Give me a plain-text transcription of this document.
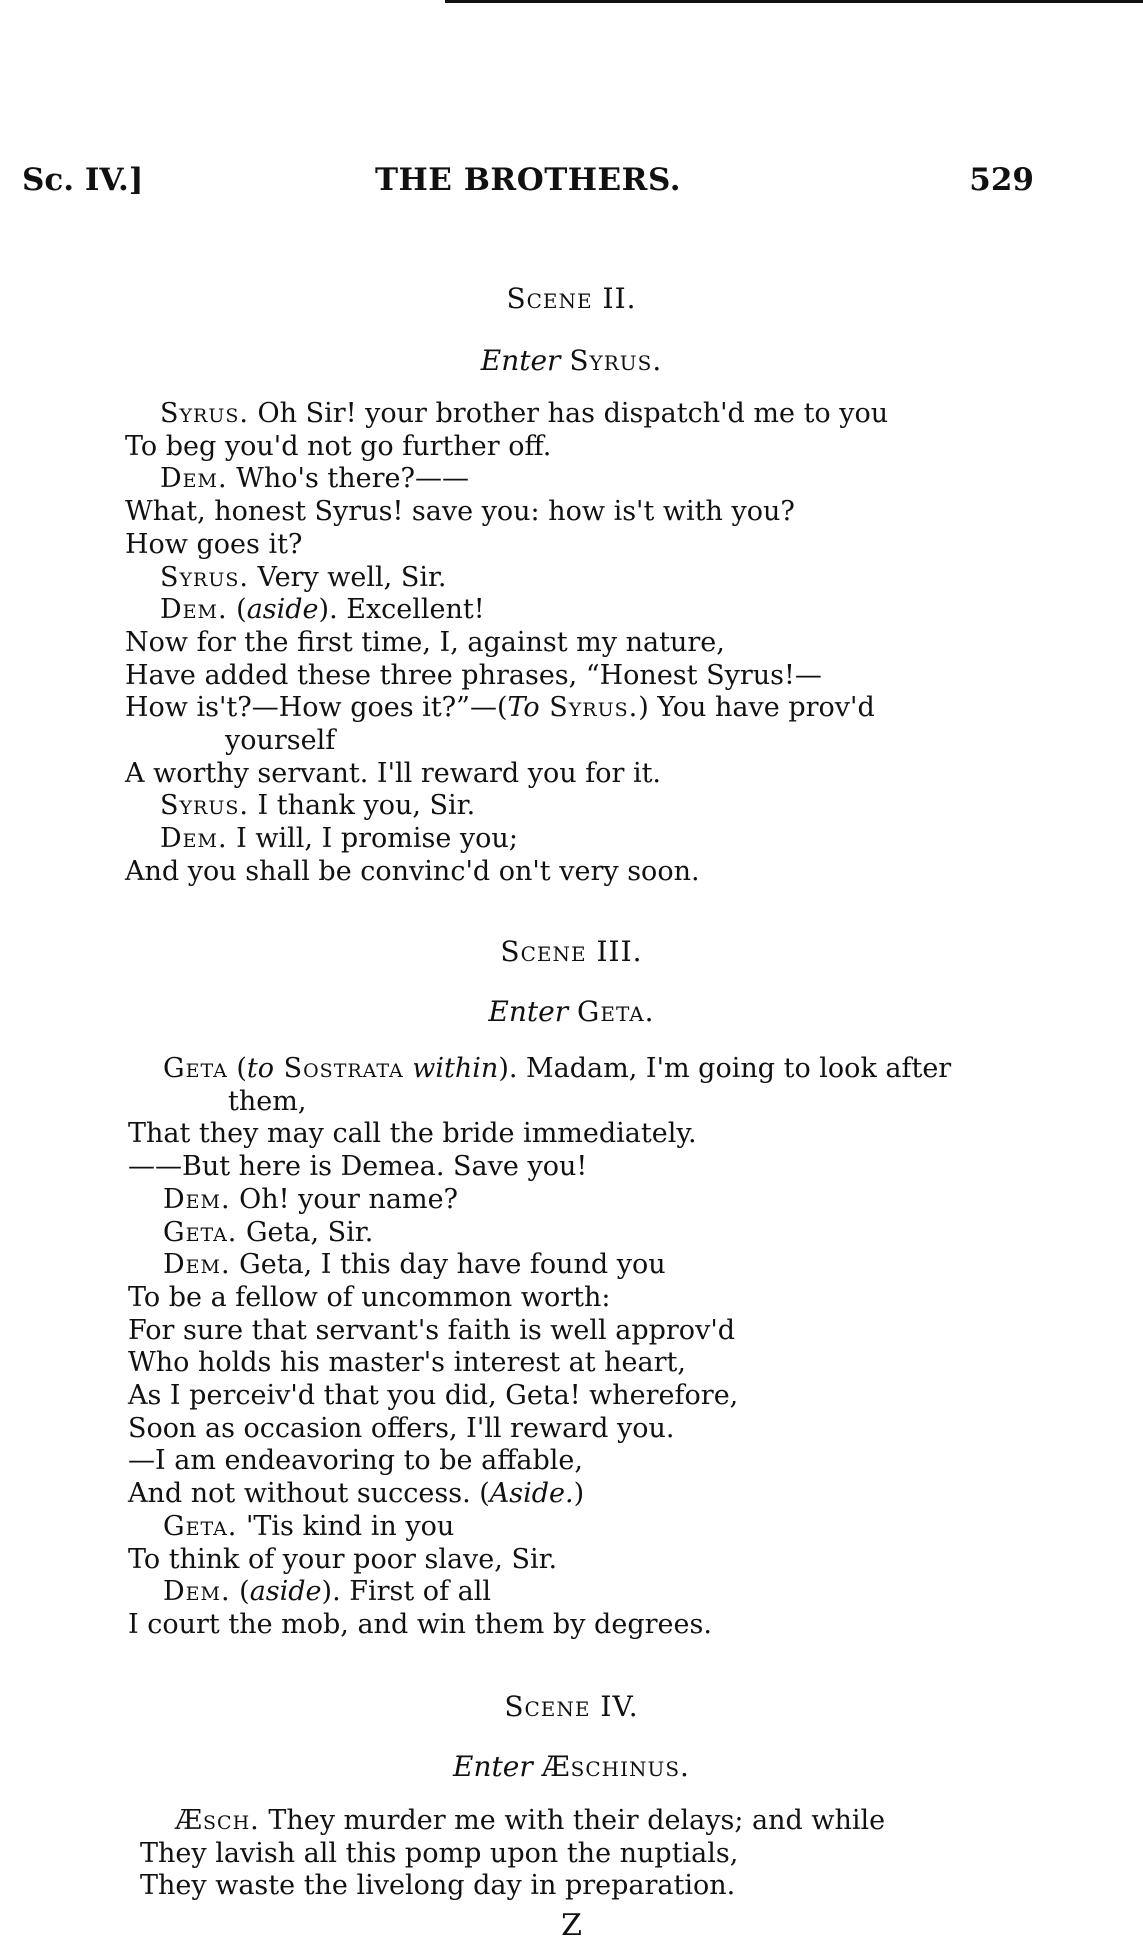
Sc. IV.]	THE BROTHERS.	529
Scene II.
Enter Syrus.
Syrus. Oh Sir! your brother has dispatch'd me to you
To beg you'd not go further off.
Dem. Who's there?——
What, honest Syrus! save you: how is't with you?
How goes it?
Syrus. Very well, Sir.
Dem. (aside). Excellent!
Now for the first time, I, against my nature,
Have added these three phrases, “Honest Syrus!—
How is't?—How goes it?”—(To Syrus.) You have prov'd
yourself
A worthy servant. I'll reward you for it.
Syrus. I thank you, Sir.
Dem. I will, I promise you;
And you shall be convinc'd on't very soon.
Scene III.
Enter Geta.
Geta (to Sostrata within). Madam, I'm going to look after
them,
That they may call the bride immediately.
——But here is Demea. Save you!
Dem. Oh! your name?
Geta. Geta, Sir.
Dem. Geta, I this day have found you
To be a fellow of uncommon worth:
For sure that servant's faith is well approv'd
Who holds his master's interest at heart,
As I perceiv'd that you did, Geta! wherefore,
Soon as occasion offers, I'll reward you.
—I am endeavoring to be affable,
And not without success. (Aside.)
Geta. 'Tis kind in you
To think of your poor slave, Sir.
Dem. (aside). First of all
I court the mob, and win them by degrees.
Scene IV.
Enter Æschinus.
Æsch. They murder me with their delays; and while
They lavish all this pomp upon the nuptials,
They waste the livelong day in preparation.
Z
